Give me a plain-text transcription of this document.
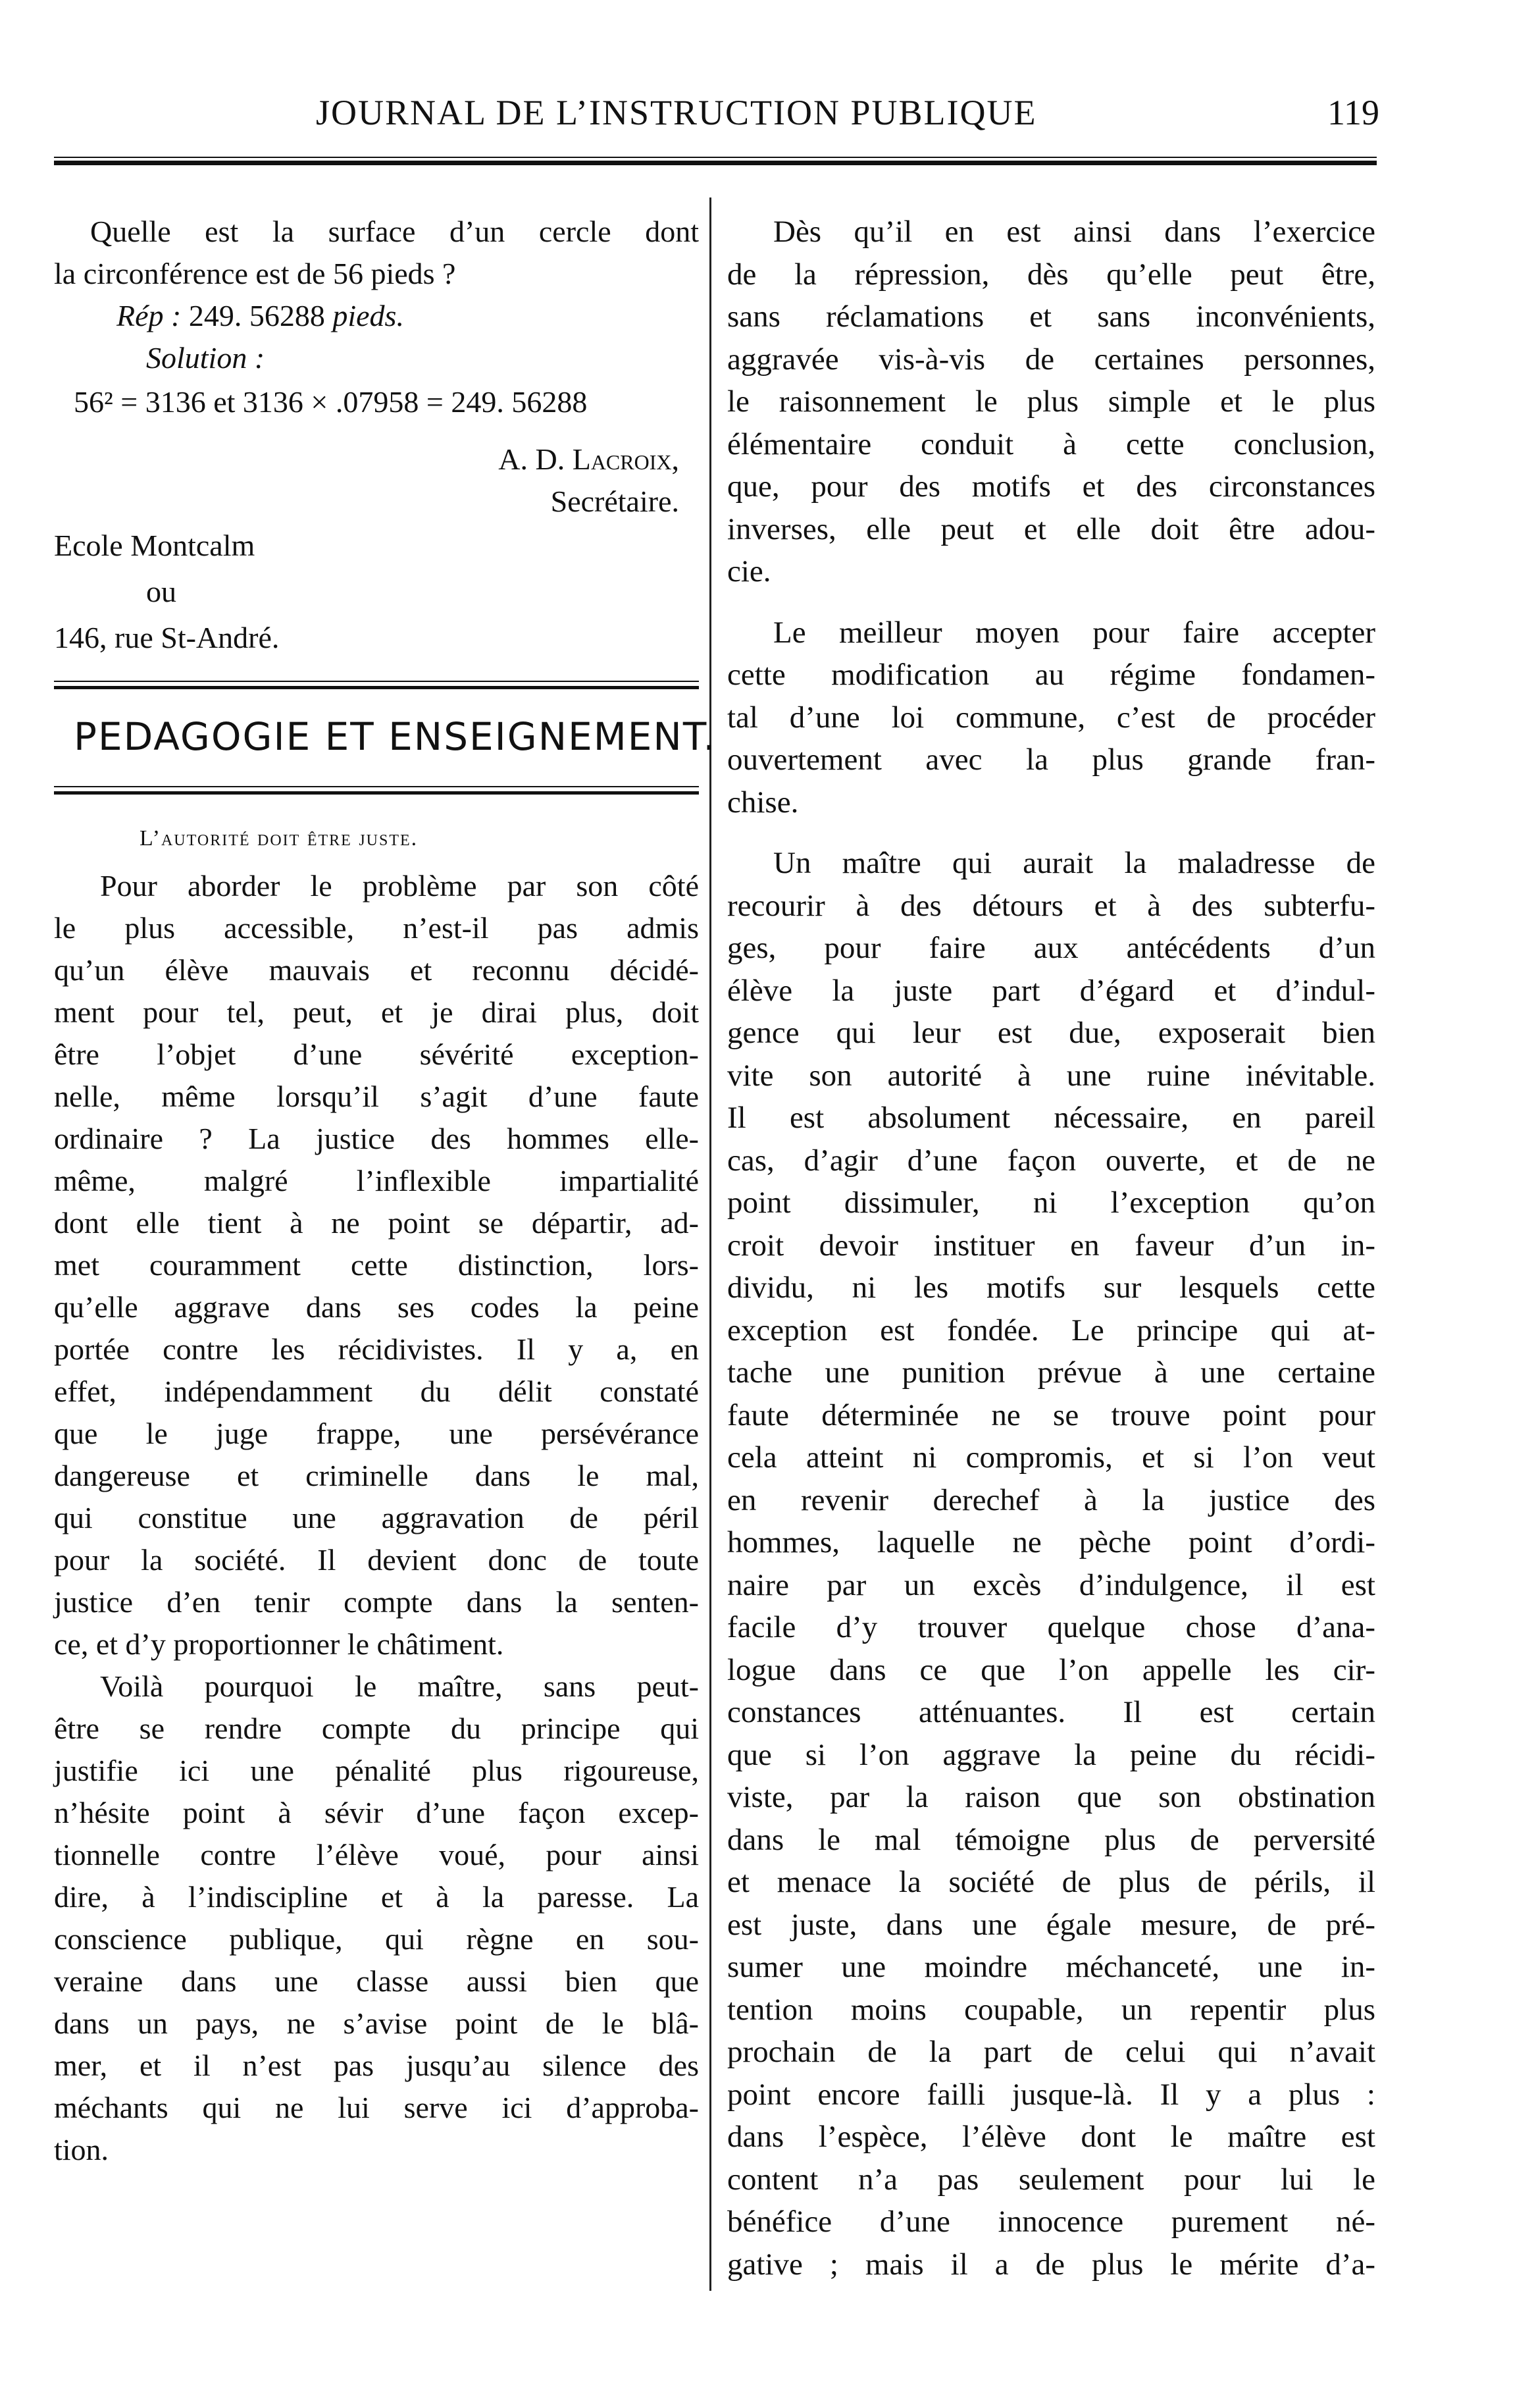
JOURNAL DE L’INSTRUCTION PUBLIQUE	119
Quelle est la surface d’un cercle dont
la circonférence est de 56 pieds ?
Rép : 249. 56288 pieds.
Solution :
56² = 3136 et 3136 × .07958 = 249. 56288
A. D. Lacroix,
Secrétaire.
Ecole Montcalm
ou
146, rue St-André.
PEDAGOGIE ET ENSEIGNEMENT.
L’autorité doit être juste.
Pour aborder le problème par son côté
le plus accessible, n’est-il pas admis
qu’un élève mauvais et reconnu décidé-
ment pour tel, peut, et je dirai plus, doit
être l’objet d’une sévérité exception-
nelle, même lorsqu’il s’agit d’une faute
ordinaire ? La justice des hommes elle-
même, malgré l’inflexible impartialité
dont elle tient à ne point se départir, ad-
met couramment cette distinction, lors-
qu’elle aggrave dans ses codes la peine
portée contre les récidivistes. Il y a, en
effet, indépendamment du délit constaté
que le juge frappe, une persévérance
dangereuse et criminelle dans le mal,
qui constitue une aggravation de péril
pour la société. Il devient donc de toute
justice d’en tenir compte dans la senten-
ce, et d’y proportionner le châtiment.
Voilà pourquoi le maître, sans peut-
être se rendre compte du principe qui
justifie ici une pénalité plus rigoureuse,
n’hésite point à sévir d’une façon excep-
tionnelle contre l’élève voué, pour ainsi
dire, à l’indiscipline et à la paresse. La
conscience publique, qui règne en sou-
veraine dans une classe aussi bien que
dans un pays, ne s’avise point de le blâ-
mer, et il n’est pas jusqu’au silence des
méchants qui ne lui serve ici d’approba-
tion.
Dès qu’il en est ainsi dans l’exercice
de la répression, dès qu’elle peut être,
sans réclamations et sans inconvénients,
aggravée vis-à-vis de certaines personnes,
le raisonnement le plus simple et le plus
élémentaire conduit à cette conclusion,
que, pour des motifs et des circonstances
inverses, elle peut et elle doit être adou-
cie.
Le meilleur moyen pour faire accepter
cette modification au régime fondamen-
tal d’une loi commune, c’est de procéder
ouvertement avec la plus grande fran-
chise.
Un maître qui aurait la maladresse de
recourir à des détours et à des subterfu-
ges, pour faire aux antécédents d’un
élève la juste part d’égard et d’indul-
gence qui leur est due, exposerait bien
vite son autorité à une ruine inévitable.
Il est absolument nécessaire, en pareil
cas, d’agir d’une façon ouverte, et de ne
point dissimuler, ni l’exception qu’on
croit devoir instituer en faveur d’un in-
dividu, ni les motifs sur lesquels cette
exception est fondée. Le principe qui at-
tache une punition prévue à une certaine
faute déterminée ne se trouve point pour
cela atteint ni compromis, et si l’on veut
en revenir derechef à la justice des
hommes, laquelle ne pèche point d’ordi-
naire par un excès d’indulgence, il est
facile d’y trouver quelque chose d’ana-
logue dans ce que l’on appelle les cir-
constances atténuantes. Il est certain
que si l’on aggrave la peine du récidi-
viste, par la raison que son obstination
dans le mal témoigne plus de perversité
et menace la société de plus de périls, il
est juste, dans une égale mesure, de pré-
sumer une moindre méchanceté, une in-
tention moins coupable, un repentir plus
prochain de la part de celui qui n’avait
point encore failli jusque-là. Il y a plus :
dans l’espèce, l’élève dont le maître est
content n’a pas seulement pour lui le
bénéfice d’une innocence purement né-
gative ; mais il a de plus le mérite d’a-
